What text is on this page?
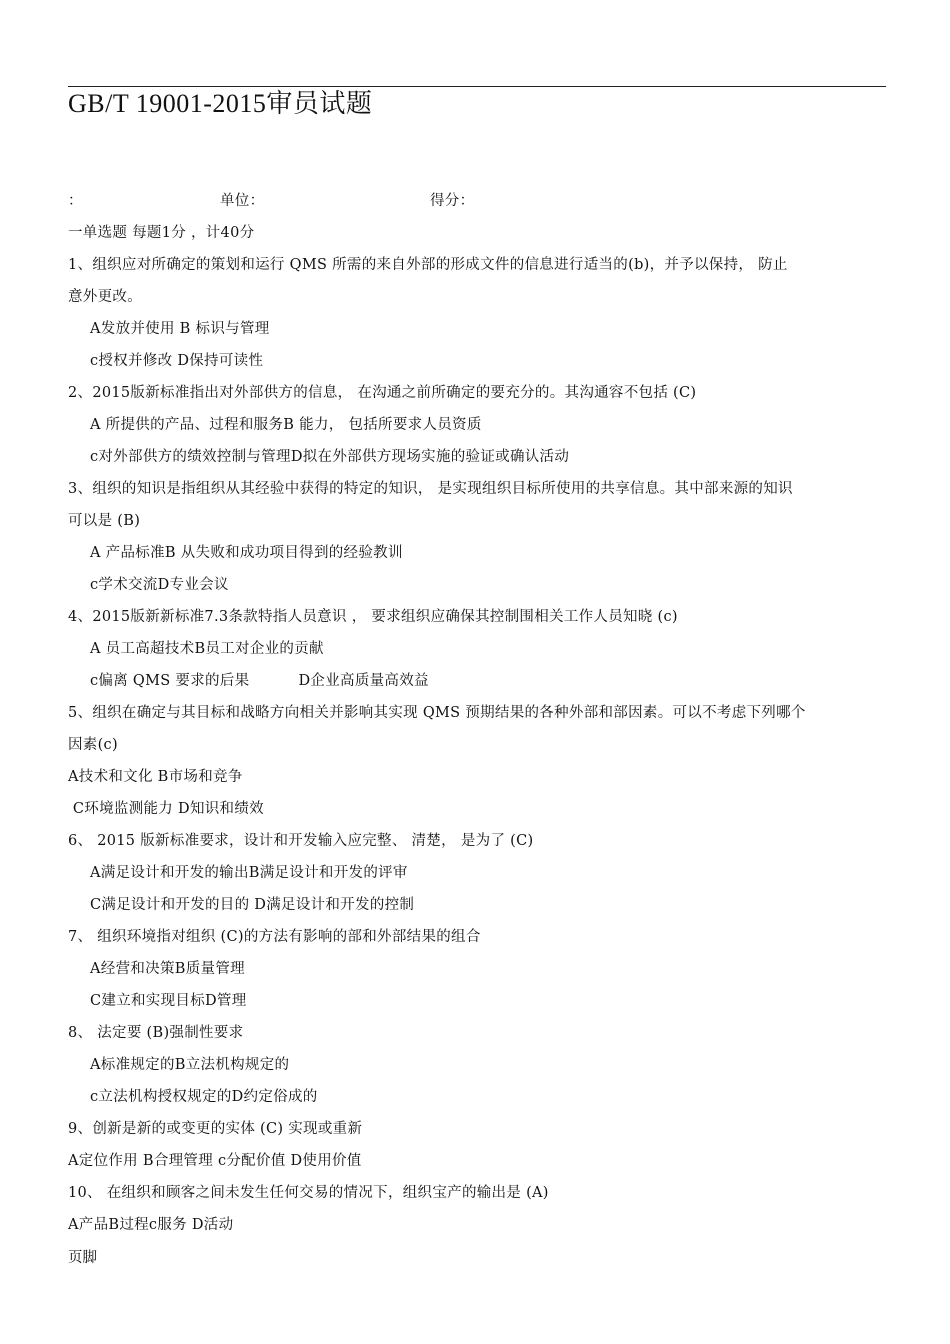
GB/T 19001-2015审员试题
：	单位：	得分：
一单选题 每题1分 ，计40分
1、组织应对所确定的策划和运行 QMS 所需的来自外部的形成文件的信息进行适当的(b)，并予以保持， 防止
意外更改。
A发放并使用 B 标识与管理
c授权并修改 D保持可读性
2、2015版新标准指出对外部供方的信息， 在沟通之前所确定的要充分的。其沟通容不包括 (C)
A 所提供的产品、过程和服务B 能力， 包括所要求人员资质
c对外部供方的绩效控制与管理D拟在外部供方现场实施的验证或确认活动
3、组织的知识是指组织从其经验中获得的特定的知识， 是实现组织目标所使用的共享信息。其中部来源的知识
可以是 (B)
A 产品标准B 从失败和成功项目得到的经验教训
c学术交流D专业会议
4、2015版新新标准7.3条款特指人员意识 ， 要求组织应确保其控制围相关工作人员知晓 (c)
A 员工高超技术B员工对企业的贡献
c偏离 QMS 要求的后果          D企业高质量高效益
5、组织在确定与其目标和战略方向相关并影响其实现 QMS 预期结果的各种外部和部因素。可以不考虑下列哪个
因素(c)
A技术和文化 B市场和竞争
C环境监测能力 D知识和绩效
6、 2015 版新标准要求，设计和开发输入应完整、 清楚， 是为了 (C)
A满足设计和开发的输出B满足设计和开发的评审
C满足设计和开发的目的 D满足设计和开发的控制
7、 组织环境指对组织 (C)的方法有影响的部和外部结果的组合
A经营和决策B质量管理
C建立和实现目标D管理
8、 法定要 (B)强制性要求
A标准规定的B立法机构规定的
c立法机构授权规定的D约定俗成的
9、创新是新的或变更的实体 (C) 实现或重新
A定位作用 B合理管理 c分配价值 D使用价值
10、 在组织和顾客之间未发生任何交易的情况下，组织宝产的输出是 (A)
A产品B过程c服务 D活动
页脚
